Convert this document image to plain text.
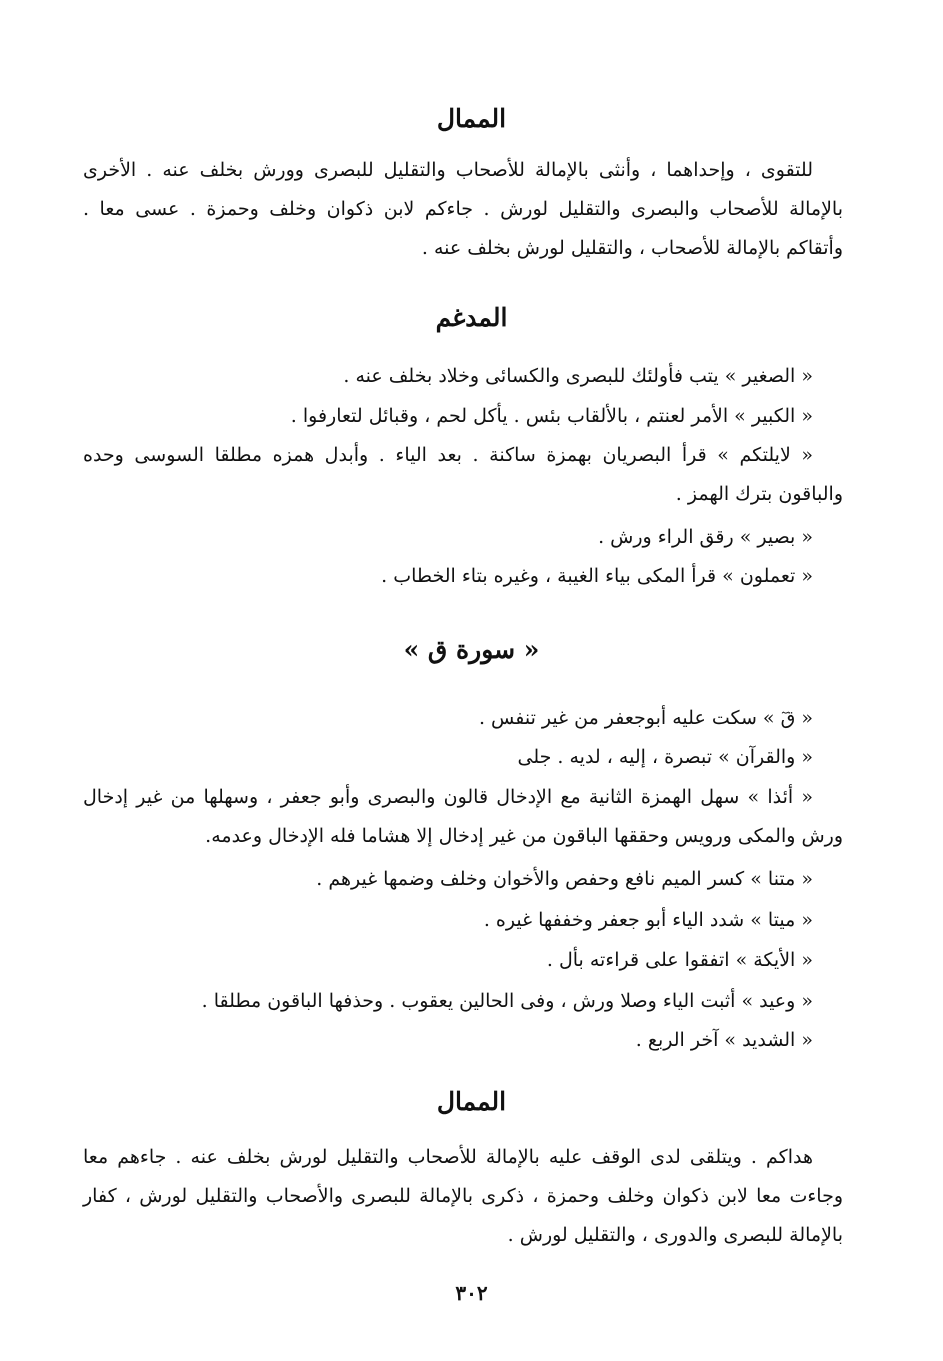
الممال

للتقوى ، وإحداهما ، وأنثى بالإمالة للأصحاب والتقليل للبصرى وورش بخلف عنه . الأخرى بالإمالة للأصحاب والبصرى والتقليل لورش . جاءكم لابن ذكوان وخلف وحمزة . عسى معا . وأتقاكم بالإمالة للأصحاب ، والتقليل لورش بخلف عنه .

المدغم
« الصغير » يتب فأولئك للبصرى والكسائى وخلاد بخلف عنه .
« الكبير » الأمر لعنتم ، بالألقاب بئس . يأكل لحم ، وقبائل لتعارفوا .

« لايلتكم » قرأ البصريان بهمزة ساكنة . بعد الياء . وأبدل همزه مطلقا السوسى وحده والباقون بترك الهمز .

« بصير » رقق الراء ورش .
« تعملون » قرأ المكى بياء الغيبة ، وغيره بتاء الخطاب .
« سورة ق »
« قٓ » سكت عليه أبوجعفر من غير تنفس .
« والقرآن » تبصرة ، إليه ، لديه . جلى

« أئذا » سهل الهمزة الثانية مع الإدخال قالون والبصرى وأبو جعفر ، وسهلها من غير إدخال ورش والمكى ورويس وحققها الباقون من غير إدخال إلا هشاما فله الإدخال وعدمه.

« متنا » كسر الميم نافع وحفص والأخوان وخلف وضمها غيرهم .
« ميتا » شدد الياء أبو جعفر وخففها غيره .
« الأيكة » اتفقوا على قراءته بأل .
« وعيد » أثبت الياء وصلا ورش ، وفى الحالين يعقوب . وحذفها الباقون مطلقا .
« الشديد » آخر الربع .
الممال

هداكم . ويتلقى لدى الوقف عليه بالإمالة للأصحاب والتقليل لورش بخلف عنه . جاءهم معا وجاءت معا لابن ذكوان وخلف وحمزة ، ذكرى بالإمالة للبصرى والأصحاب والتقليل لورش ، كفار بالإمالة للبصرى والدورى ، والتقليل لورش .

٣٠٢
